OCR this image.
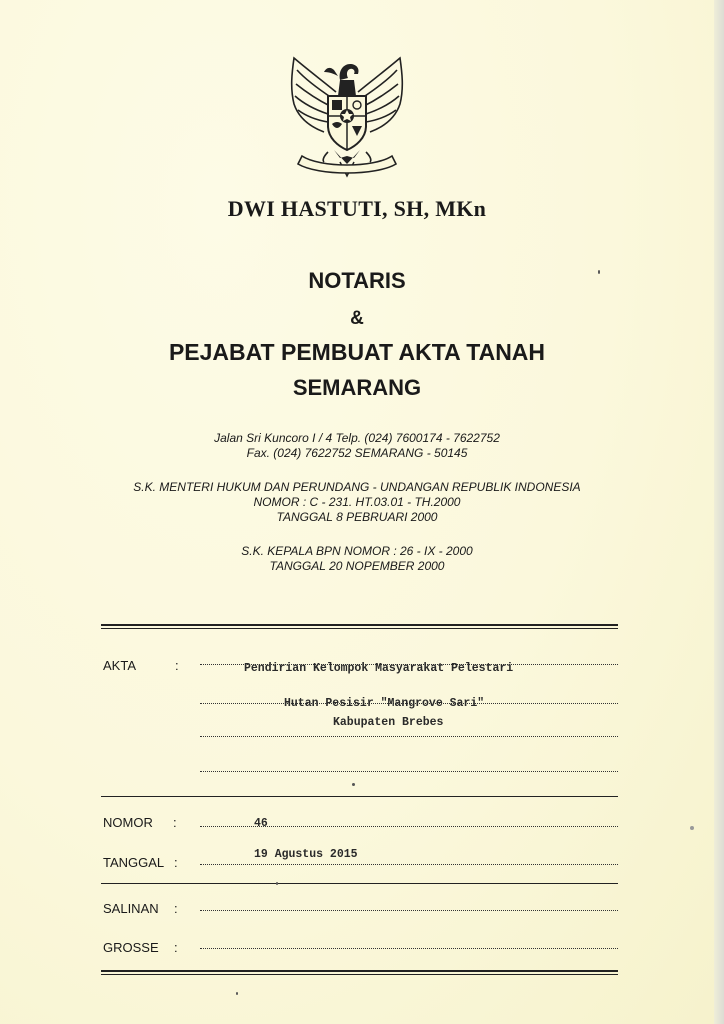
DWI HASTUTI, SH, MKn
NOTARIS
&
PEJABAT PEMBUAT AKTA TANAH
SEMARANG
Jalan Sri Kuncoro I / 4 Telp. (024) 7600174 - 7622752
Fax. (024) 7622752 SEMARANG - 50145
S.K. MENTERI HUKUM DAN PERUNDANG - UNDANGAN REPUBLIK INDONESIA
NOMOR : C - 231. HT.03.01 - TH.2000
TANGGAL 8 PEBRUARI 2000
S.K. KEPALA BPN NOMOR : 26 - IX - 2000
TANGGAL 20 NOPEMBER 2000
AKTA	:	Pendirian Kelompok Masyarakat Pelestari
Hutan Pesisir "Mangrove Sari"
Kabupaten Brebes
NOMOR :	46
TANGGAL :
19 Agustus 2015
SALINAN :
GROSSE :
